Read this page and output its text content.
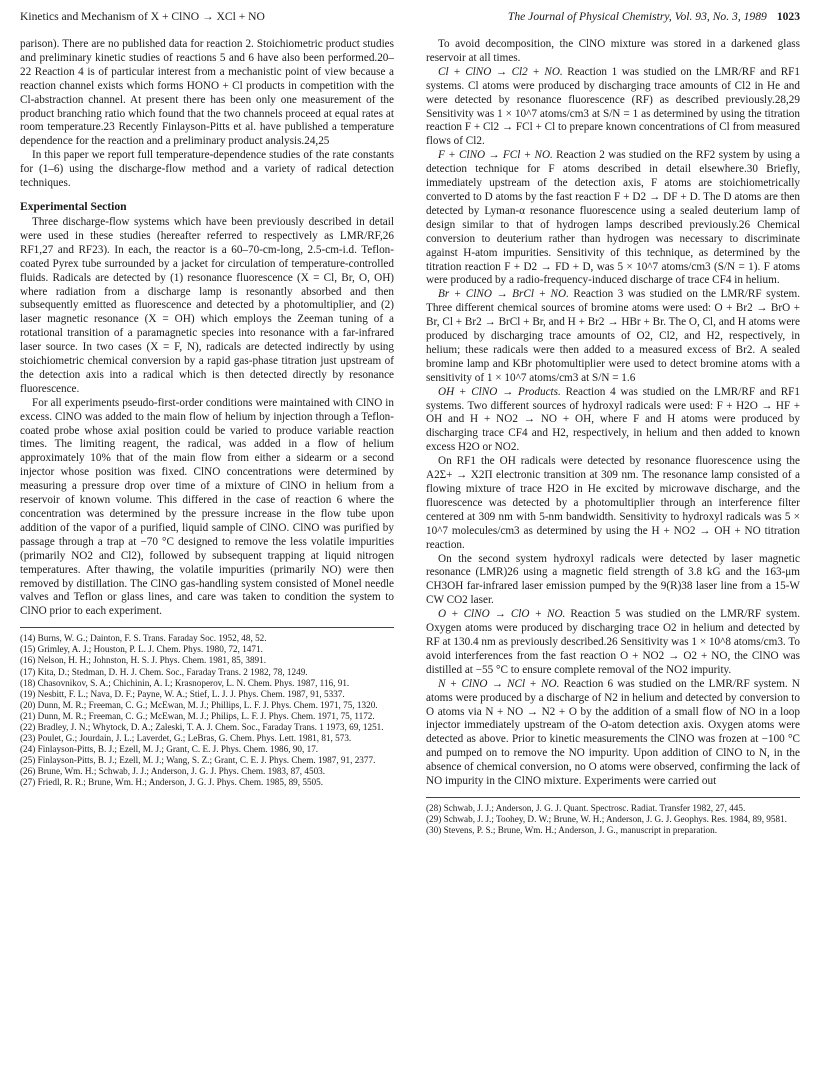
Kinetics and Mechanism of X + ClNO → XCl + NO	The Journal of Physical Chemistry, Vol. 93, No. 3, 1989 1023

parison). There are no published data for reaction 2. Stoichiometric product studies and preliminary kinetic studies of reactions 5 and 6 have also been performed.20–22 Reaction 4 is of particular interest from a mechanistic point of view because a reaction channel exists which forms HONO + Cl products in competition with the Cl-abstraction channel. At present there has been only one measurement of the product branching ratio which found that the two channels proceed at equal rates at room temperature.23 Recently Finlayson-Pitts et al. have published a temperature dependence for the reaction and a preliminary product analysis.24,25

In this paper we report full temperature-dependence studies of the rate constants for (1–6) using the discharge-flow method and a variety of radical detection techniques.

Experimental Section

Three discharge-flow systems which have been previously described in detail were used in these studies (hereafter referred to respectively as LMR/RF,26 RF1,27 and RF23). In each, the reactor is a 60–70-cm-long, 2.5-cm-i.d. Teflon-coated Pyrex tube surrounded by a jacket for circulation of temperature-controlled fluids. Radicals are detected by (1) resonance fluorescence (X = Cl, Br, O, OH) where radiation from a discharge lamp is resonantly absorbed and then subsequently emitted as fluorescence and detected by a photomultiplier, and (2) laser magnetic resonance (X = OH) which employs the Zeeman tuning of a rotational transition of a paramagnetic species into resonance with a far-infrared laser source. In two cases (X = F, N), radicals are detected indirectly by using stoichiometric chemical conversion by a rapid gas-phase titration just upstream of the detection axis into a radical which is then detected directly by resonance fluorescence.

For all experiments pseudo-first-order conditions were maintained with ClNO in excess. ClNO was added to the main flow of helium by injection through a Teflon-coated probe whose axial position could be varied to produce variable reaction times. The limiting reagent, the radical, was added in a flow of helium approximately 10% that of the main flow from either a sidearm or a second injector whose position was fixed. ClNO concentrations were determined by measuring a pressure drop over time of a mixture of ClNO in helium from a reservoir of known volume. This differed in the case of reaction 6 where the concentration was determined by the pressure increase in the flow tube upon addition of the vapor of a purified, liquid sample of ClNO. ClNO was purified by passage through a trap at −70 °C designed to remove the less volatile impurities (primarily NO2 and Cl2), followed by subsequent trapping at liquid nitrogen temperatures. After thawing, the volatile impurities (primarily NO) were then removed by distillation. The ClNO gas-handling system consisted of Monel needle valves and Teflon or glass lines, and care was taken to condition the system to ClNO prior to each experiment.

(14) Burns, W. G.; Dainton, F. S. Trans. Faraday Soc. 1952, 48, 52.
(15) Grimley, A. J.; Houston, P. L. J. Chem. Phys. 1980, 72, 1471.
(16) Nelson, H. H.; Johnston, H. S. J. Phys. Chem. 1981, 85, 3891.
(17) Kita, D.; Stedman, D. H. J. Chem. Soc., Faraday Trans. 2 1982, 78, 1249.
(18) Chasovnikov, S. A.; Chichinin, A. I.; Krasnoperov, L. N. Chem. Phys. 1987, 116, 91.
(19) Nesbitt, F. L.; Nava, D. F.; Payne, W. A.; Stief, L. J. J. Phys. Chem. 1987, 91, 5337.
(20) Dunn, M. R.; Freeman, C. G.; McEwan, M. J.; Phillips, L. F. J. Phys. Chem. 1971, 75, 1320.
(21) Dunn, M. R.; Freeman, C. G.; McEwan, M. J.; Philips, L. F. J. Phys. Chem. 1971, 75, 1172.
(22) Bradley, J. N.; Whytock, D. A.; Zaleski, T. A. J. Chem. Soc., Faraday Trans. 1 1973, 69, 1251.
(23) Poulet, G.; Jourdain, J. L.; Laverdet, G.; LeBras, G. Chem. Phys. Lett. 1981, 81, 573.
(24) Finlayson-Pitts, B. J.; Ezell, M. J.; Grant, C. E. J. Phys. Chem. 1986, 90, 17.
(25) Finlayson-Pitts, B. J.; Ezell, M. J.; Wang, S. Z.; Grant, C. E. J. Phys. Chem. 1987, 91, 2377.
(26) Brune, Wm. H.; Schwab, J. J.; Anderson, J. G. J. Phys. Chem. 1983, 87, 4503.
(27) Friedl, R. R.; Brune, Wm. H.; Anderson, J. G. J. Phys. Chem. 1985, 89, 5505.

To avoid decomposition, the ClNO mixture was stored in a darkened glass reservoir at all times.

Cl + ClNO → Cl2 + NO. Reaction 1 was studied on the LMR/RF and RF1 systems. Cl atoms were produced by discharging trace amounts of Cl2 in He and were detected by resonance fluorescence (RF) as described previously.28,29 Sensitivity was 1 × 10^7 atoms/cm3 at S/N = 1 as determined by using the titration reaction F + Cl2 → FCl + Cl to prepare known concentrations of Cl from measured flows of Cl2.

F + ClNO → FCl + NO. Reaction 2 was studied on the RF2 system by using a detection technique for F atoms described in detail elsewhere.30 Briefly, immediately upstream of the detection axis, F atoms are stoichiometrically converted to D atoms by the fast reaction F + D2 → DF + D. The D atoms are then detected by Lyman-α resonance fluorescence using a sealed deuterium lamp of design similar to that of hydrogen lamps described previously.26 Chemical conversion to deuterium rather than hydrogen was necessary to discriminate against H-atom impurities. Sensitivity of this technique, as determined by the titration reaction F + D2 → FD + D, was 5 × 10^7 atoms/cm3 (S/N = 1). F atoms were produced by a radio-frequency-induced discharge of trace CF4 in helium.

Br + ClNO → BrCl + NO. Reaction 3 was studied on the LMR/RF system. Three different chemical sources of bromine atoms were used: O + Br2 → BrO + Br, Cl + Br2 → BrCl + Br, and H + Br2 → HBr + Br. The O, Cl, and H atoms were produced by discharging trace amounts of O2, Cl2, and H2, respectively, in helium; these radicals were then added to a measured excess of Br2. A sealed bromine lamp and KBr photomultiplier were used to detect bromine atoms with a sensitivity of 1 × 10^7 atoms/cm3 at S/N = 1.6

OH + ClNO → Products. Reaction 4 was studied on the LMR/RF and RF1 systems. Two different sources of hydroxyl radicals were used: F + H2O → HF + OH and H + NO2 → NO + OH, where F and H atoms were produced by discharging trace CF4 and H2, respectively, in helium and then added to known excess H2O or NO2.

On RF1 the OH radicals were detected by resonance fluorescence using the A2Σ+ → X2Π electronic transition at 309 nm. The resonance lamp consisted of a flowing mixture of trace H2O in He excited by microwave discharge, and the fluorescence was detected by a photomultiplier through an interference filter centered at 309 nm with 5-nm bandwidth. Sensitivity to hydroxyl radicals was 5 × 10^7 molecules/cm3 as determined by using the H + NO2 → OH + NO titration reaction.

On the second system hydroxyl radicals were detected by laser magnetic resonance (LMR)26 using a magnetic field strength of 3.8 kG and the 163-μm CH3OH far-infrared laser emission pumped by the 9(R)38 laser line from a 15-W CW CO2 laser.

O + ClNO → ClO + NO. Reaction 5 was studied on the LMR/RF system. Oxygen atoms were produced by discharging trace O2 in helium and detected by RF at 130.4 nm as previously described.26 Sensitivity was 1 × 10^8 atoms/cm3. To avoid interferences from the fast reaction O + NO2 → O2 + NO, the ClNO was distilled at −55 °C to ensure complete removal of the NO2 impurity.

N + ClNO → NCl + NO. Reaction 6 was studied on the LMR/RF system. N atoms were produced by a discharge of N2 in helium and detected by conversion to O atoms via N + NO → N2 + O by the addition of a small flow of NO in a loop injector immediately upstream of the O-atom detection axis. Oxygen atoms were detected as above. Prior to kinetic measurements the ClNO was frozen at −100 °C and pumped on to remove the NO impurity. Upon addition of ClNO to N, in the absence of chemical conversion, no O atoms were observed, confirming the lack of NO impurity in the ClNO mixture. Experiments were carried out

(28) Schwab, J. J.; Anderson, J. G. J. Quant. Spectrosc. Radiat. Transfer 1982, 27, 445.
(29) Schwab, J. J.; Toohey, D. W.; Brune, W. H.; Anderson, J. G. J. Geophys. Res. 1984, 89, 9581.
(30) Stevens, P. S.; Brune, Wm. H.; Anderson, J. G., manuscript in preparation.
